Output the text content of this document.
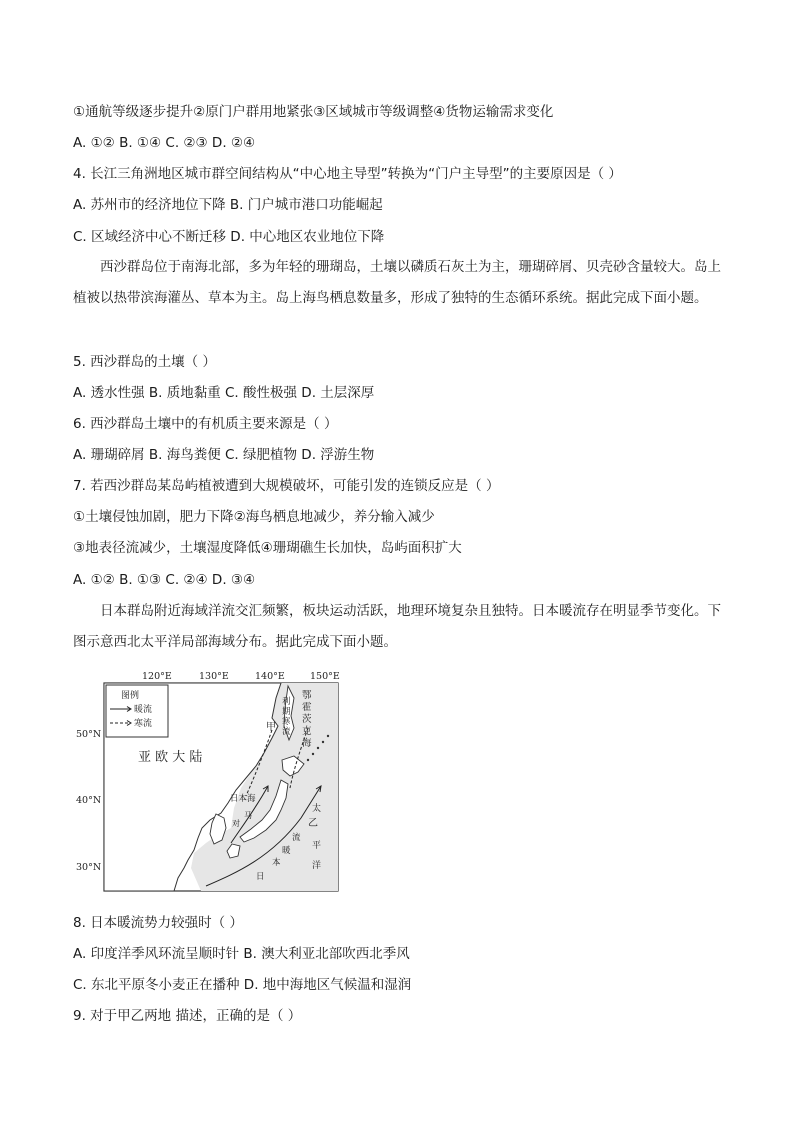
①通航等级逐步提升②原门户群用地紧张③区域城市等级调整④货物运输需求变化
A. ①② B. ①④ C. ②③ D. ②④
4. 长江三角洲地区城市群空间结构从“中心地主导型”转换为“门户主导型”的主要原因是（ ）
A. 苏州市的经济地位下降 B. 门户城市港口功能崛起
C. 区域经济中心不断迁移 D. 中心地区农业地位下降
西沙群岛位于南海北部，多为年轻的珊瑚岛，土壤以磷质石灰土为主，珊瑚碎屑、贝壳砂含量较大。岛上植被以热带滨海灌丛、草本为主。岛上海鸟栖息数量多，形成了独特的生态循环系统。据此完成下面小题。
5. 西沙群岛的土壤（ ）
A. 透水性强 B. 质地黏重 C. 酸性极强 D. 土层深厚
6. 西沙群岛土壤中的有机质主要来源是（ ）
A. 珊瑚碎屑 B. 海鸟粪便 C. 绿肥植物 D. 浮游生物
7. 若西沙群岛某岛屿植被遭到大规模破坏，可能引发的连锁反应是（ ）
①土壤侵蚀加剧，肥力下降②海鸟栖息地减少，养分输入减少
③地表径流减少，土壤湿度降低④珊瑚礁生长加快，岛屿面积扩大
A. ①② B. ①③ C. ②④ D. ③④
日本群岛附近海域洋流交汇频繁，板块运动活跃，地理环境复杂且独特。日本暖流存在明显季节变化。下图示意西北太平洋局部海域分布。据此完成下面小题。
120°E	130°E	140°E	150°E
50°N
40°N
30°N
图例
暖流
寒流
亚 欧 大 陆
鄂
霍
茨
克
海
利
期
寒
流
甲
日本海
乙
太
平
洋
日
本
暖
流
对
马
8. 日本暖流势力较强时（ ）
A. 印度洋季风环流呈顺时针 B. 澳大利亚北部吹西北季风
C. 东北平原冬小麦正在播种 D. 地中海地区气候温和湿润
9. 对于甲乙两地 描述，正确的是（ ）
